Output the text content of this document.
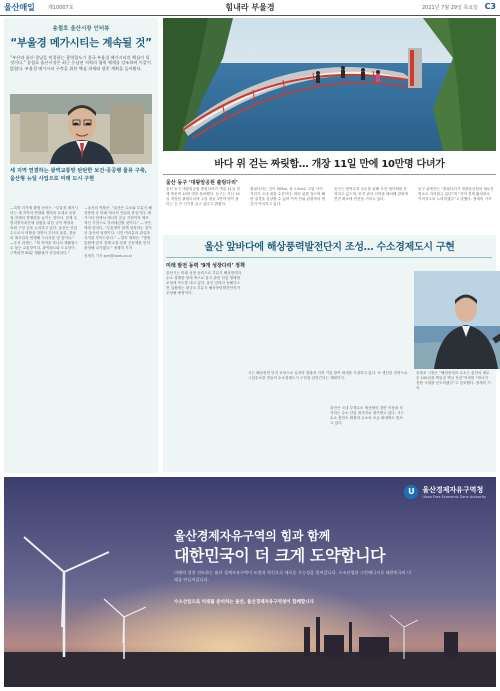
울산매일	제10007호	힘내라 부울경	2021년 7월 29일 목요일 C3
송철호 울산시장 인터뷰
“부울경 메가시티는 계속될 것”
“부산과 울산·경남을 연결하는 광역철도가 결국 부울경 메가시티의 핵심이 될 것이다.” 송철호 울산시장은 최근 동남권 지역의 협력 체계를 강조하며 이같이 밝혔다. 부울경 메가시티 구축을 위한 핵심 과제와 향후 계획을 들어봤다.
세 지역 연결하는 광역교통망 탄탄한 보건·공공행 물류 구축, 울산형 뉴딜 사업으로 미래 도시 구현
—특별 지자체 출범 준비는. “부울경 메가시티는 세 지역의 연대와 협력을 토대로 동남권 전체의 경쟁력을 높이는 것이다. 현재 특별지방자치단체 설립을 위한 규약 제정과 의회 구성 등을 논의하고 있다. 울산은 산업 수도로서 역할을 하면서 부산의 물류, 경남의 제조업과 연계해 시너지를 낼 것이다.” —우선 과제는. “세 지역을 하나의 생활권으로 묶는 교통망이다. 광역철도와 도로망이 구축되면 30분 생활권이 현실화된다.”
—울산의 역할은. “울산은 수소와 부유식 해상풍력 등 미래 에너지 산업의 중심지다. 메가시티 안에서 에너지 공급 거점이자 제조 혁신 거점으로 자리매김할 것이다.” —시민에게 한마디. “부울경이 함께 성장하는 것이 곧 울산의 성장이다. 시민 여러분의 관심과 지지를 부탁드린다.” —향후 계획은. “행정 통합에 앞서 경제·교통·문화 공동체를 먼저 완성해 나가겠다.” 정세미 기자
정세미 기자 sjm@iusm.co.kr
바다 위 걷는 짜릿함… 개장 11일 만에 10만명 다녀가
울산 동구 ‘대왕암공원 출렁다리’
울산 동구 대왕암공원 출렁다리가 개장 11일 만에 방문객 10만 명을 돌파했다. 동구는 지난 15일 개장한 출렁다리에 주말 평균 1만여 명이 몰리는 등 큰 인기를 끌고 있다고 밝혔다.
출렁다리는 길이 303m, 폭 1.5m로 주탑 사이 거리가 국내 최장 수준이다. 바다 위를 걸으며 해안 절경을 감상할 수 있어 가족 단위 관광객의 발길이 이어지고 있다.
동구는 방역수칙 준수를 위해 사전 예약제를 운영하고 있으며, 안전 관리 인력을 배치해 관람객 안전 확보에 만전을 기하고 있다.
동구 관계자는 “출렁다리가 대왕암공원의 새로운 명소로 자리잡고 있다”며 “지역 경제 활성화로 이어지도록 노력하겠다”고 말했다. 정세미 기자
울산 앞바다에 해상풍력발전단지 조성… 수소경제도시 구현
미래 발전 동력 ‘9개 성장다리’ 정책
울산시는 미래 성장 동력으로 부유식 해상풍력과 수소 경제를 양대 축으로 삼고 관련 산업 생태계 조성에 속도를 내고 있다. 울산 앞바다 동해가스전 일원에는 대규모 부유식 해상풍력발전단지가 조성될 예정이다.
시는 해상풍력 단지 조성으로 일자리 창출과 지역 기업 참여 확대를 기대하고 있다. 또 생산된 전력으로 그린수소를 만들어 수소경제도시 구현을 앞당긴다는 계획이다.
울산은 국내 부생수소 생산량의 절반 이상을 차지하는 수소 산업 최적지로 평가받고 있다. 시는 수소 충전소 확충과 수소차 보급 확대에도 힘쓰고 있다.
송철호 시장은 “해상풍력과 수소는 울산의 새로운 100년을 책임질 핵심 산업”이라며 “에너지 전환 시대를 선도하겠다”고 강조했다. 정세미 기자
U	울산경제자유구역청
Ulsan Free Economic Zone Authority
울산경제자유구역의 힘과 함께
대한민국이 더 크게 도약합니다
미래의 성장 선도하는 울산 경제자유구역이 도전과 혁신으로 새로운 가능성을 열어갑니다. 수소산업과 그린에너지로 대한민국의 미래를 만들어갑니다.
수소산업으로 미래를 준비하는 울산, 울산경제자유구역청이 함께합니다
